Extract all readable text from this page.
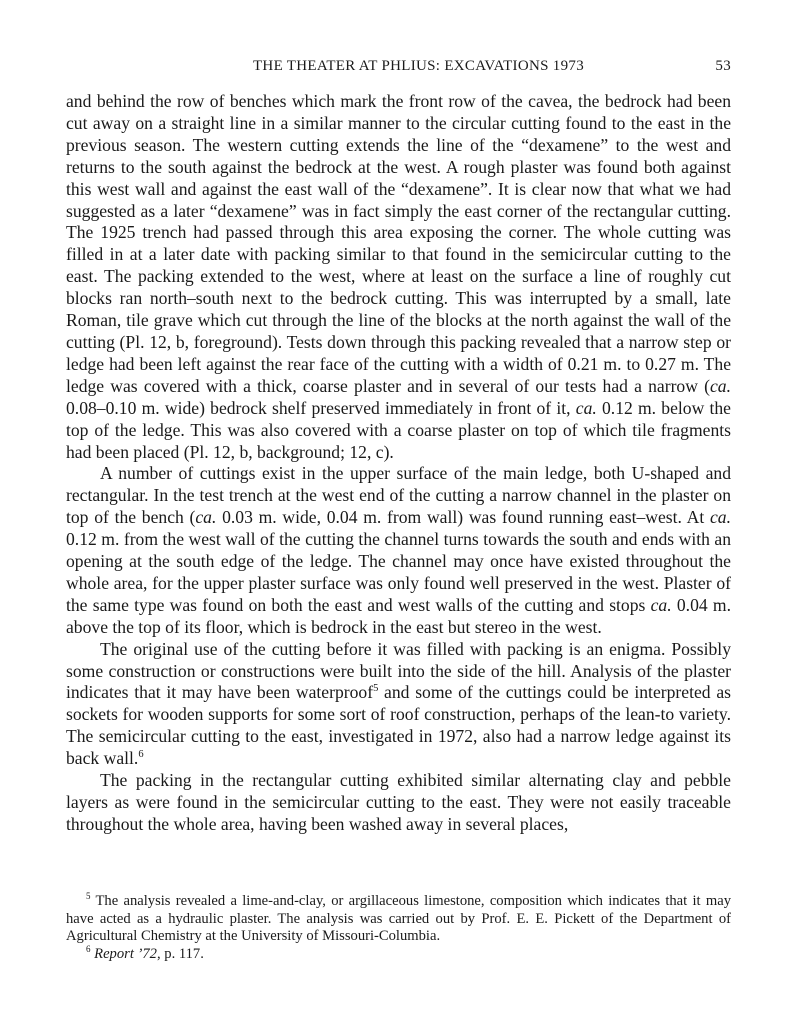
THE THEATER AT PHLIUS: EXCAVATIONS 1973	53

and behind the row of benches which mark the front row of the cavea, the bedrock had been cut away on a straight line in a similar manner to the circular cutting found to the east in the previous season. The western cutting extends the line of the “dexamene” to the west and returns to the south against the bedrock at the west. A rough plaster was found both against this west wall and against the east wall of the “dexamene”. It is clear now that what we had suggested as a later “dexamene” was in fact simply the east corner of the rectangular cutting. The 1925 trench had passed through this area exposing the corner. The whole cutting was filled in at a later date with packing similar to that found in the semicircular cutting to the east. The packing extended to the west, where at least on the surface a line of roughly cut blocks ran north–south next to the bedrock cutting. This was interrupted by a small, late Roman, tile grave which cut through the line of the blocks at the north against the wall of the cutting (Pl. 12, b, foreground). Tests down through this packing revealed that a narrow step or ledge had been left against the rear face of the cutting with a width of 0.21 m. to 0.27 m. The ledge was covered with a thick, coarse plaster and in several of our tests had a narrow (ca. 0.08–0.10 m. wide) bedrock shelf preserved immediately in front of it, ca. 0.12 m. below the top of the ledge. This was also covered with a coarse plaster on top of which tile fragments had been placed (Pl. 12, b, background; 12, c).

A number of cuttings exist in the upper surface of the main ledge, both U-shaped and rectangular. In the test trench at the west end of the cutting a narrow channel in the plaster on top of the bench (ca. 0.03 m. wide, 0.04 m. from wall) was found running east–west. At ca. 0.12 m. from the west wall of the cutting the channel turns towards the south and ends with an opening at the south edge of the ledge. The channel may once have existed throughout the whole area, for the upper plaster surface was only found well preserved in the west. Plaster of the same type was found on both the east and west walls of the cutting and stops ca. 0.04 m. above the top of its floor, which is bedrock in the east but stereo in the west.

The original use of the cutting before it was filled with packing is an enigma. Possibly some construction or constructions were built into the side of the hill. Analysis of the plaster indicates that it may have been waterproof$^5$ and some of the cuttings could be interpreted as sockets for wooden supports for some sort of roof construction, perhaps of the lean-to variety. The semicircular cutting to the east, investigated in 1972, also had a narrow ledge against its back wall.$^6$

The packing in the rectangular cutting exhibited similar alternating clay and pebble layers as were found in the semicircular cutting to the east. They were not easily traceable throughout the whole area, having been washed away in several places,

$^5$ The analysis revealed a lime-and-clay, or argillaceous limestone, composition which indicates that it may have acted as a hydraulic plaster. The analysis was carried out by Prof. E. E. Pickett of the Department of Agricultural Chemistry at the University of Missouri-Columbia.

$^6$ Report ’72, p. 117.
